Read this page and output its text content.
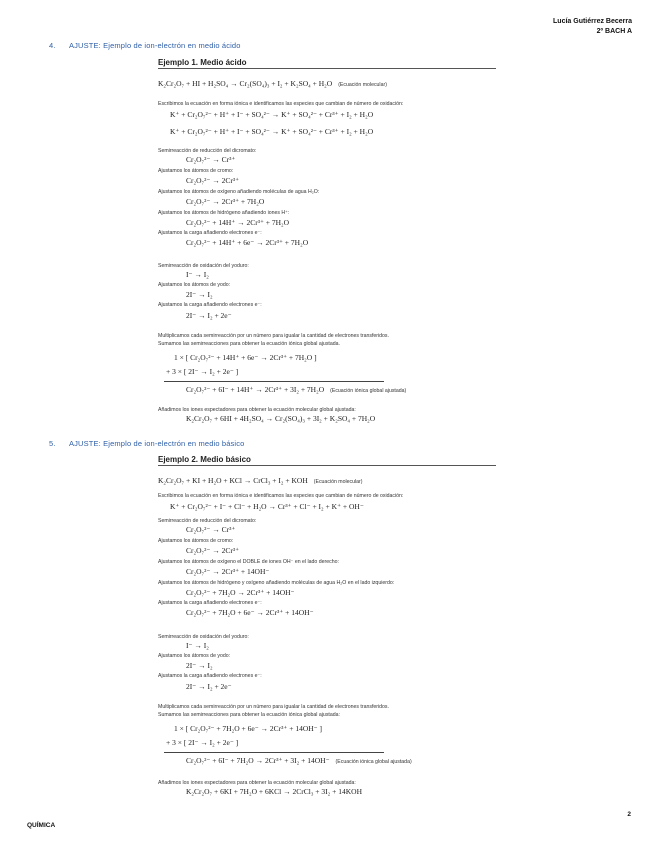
Lucía Gutiérrez Becerra
2º BACH A
4. AJUSTE: Ejemplo de ion-electrón en medio ácido
Ejemplo 1. Medio ácido
K₂Cr₂O₇ + HI + H₂SO₄ → Cr₂(SO₄)₃ + I₂ + K₂SO₄ + H₂O (Ecuación molecular)
Escribimos la ecuación en forma iónica e identificamos las especies que cambian de número de oxidación:
K⁺ + Cr₂O₇²⁻ + H⁺ + I⁻ + SO₄²⁻ → K⁺ + SO₄²⁻ + Cr³⁺ + I₂ + H₂O
K⁺ + Cr₂O₇²⁻ + H⁺ + I⁻ + SO₄²⁻ → K⁺ + SO₄²⁻ + Cr³⁺ + I₂ + H₂O
Semirreacción de reducción del dicromato:
Cr₂O₇²⁻ → Cr³⁺
Ajustamos los átomos de cromo:
Cr₂O₇²⁻ → 2Cr³⁺
Ajustamos los átomos de oxígeno añadiendo moléculas de agua H₂O:
Cr₂O₇²⁻ → 2Cr³⁺ + 7H₂O
Ajustamos los átomos de hidrógeno añadiendo iones H⁺:
Cr₂O₇²⁻ + 14H⁺ → 2Cr³⁺ + 7H₂O
Ajustamos la carga añadiendo electrones e⁻:
Cr₂O₇²⁻ + 14H⁺ + 6e⁻ → 2Cr³⁺ + 7H₂O
Semirreacción de oxidación del yoduro:
I⁻ → I₂
Ajustamos los átomos de yodo:
2I⁻ → I₂
Ajustamos la carga añadiendo electrones e⁻:
2I⁻ → I₂ + 2e⁻
Multiplicamos cada semirreacción por un número para igualar la cantidad de electrones transferidos.
Sumamos las semirreacciones para obtener la ecuación iónica global ajustada.
1 × [ Cr₂O₇²⁻ + 14H⁺ + 6e⁻ → 2Cr³⁺ + 7H₂O ]
+ 3 × [ 2I⁻ → I₂ + 2e⁻ ]
Cr₂O₇²⁻ + 6I⁻ + 14H⁺ → 2Cr³⁺ + 3I₂ + 7H₂O (Ecuación iónica global ajustada)
Añadimos los iones espectadores para obtener la ecuación molecular global ajustada:
K₂Cr₂O₇ + 6HI + 4H₂SO₄ → Cr₂(SO₄)₃ + 3I₂ + K₂SO₄ + 7H₂O
5. AJUSTE: Ejemplo de ion-electrón en medio básico
Ejemplo 2. Medio básico
K₂Cr₂O₇ + KI + H₂O + KCl → CrCl₃ + I₂ + KOH (Ecuación molecular)
Escribimos la ecuación en forma iónica e identificamos las especies que cambian de número de oxidación:
K⁺ + Cr₂O₇²⁻ + I⁻ + Cl⁻ + H₂O → Cr³⁺ + Cl⁻ + I₂ + K⁺ + OH⁻
Semirreacción de reducción del dicromato:
Cr₂O₇²⁻ → Cr³⁺
Ajustamos los átomos de cromo:
Cr₂O₇²⁻ → 2Cr³⁺
Ajustamos los átomos de oxígeno el DOBLE de iones OH⁻ en el lado derecho:
Cr₂O₇²⁻ → 2Cr³⁺ + 14OH⁻
Ajustamos los átomos de hidrógeno y oxígeno añadiendo moléculas de agua H₂O en el lado izquierdo:
Cr₂O₇²⁻ + 7H₂O → 2Cr³⁺ + 14OH⁻
Ajustamos la carga añadiendo electrones e⁻:
Cr₂O₇²⁻ + 7H₂O + 6e⁻ → 2Cr³⁺ + 14OH⁻
Semirreacción de oxidación del yoduro:
I⁻ → I₂
Ajustamos los átomos de yodo:
2I⁻ → I₂
Ajustamos la carga añadiendo electrones e⁻:
2I⁻ → I₂ + 2e⁻
Multiplicamos cada semirreacción por un número para igualar la cantidad de electrones transferidos.
Sumamos las semirreacciones para obtener la ecuación iónica global ajustada:
1 × [ Cr₂O₇²⁻ + 7H₂O + 6e⁻ → 2Cr³⁺ + 14OH⁻ ]
+ 3 × [ 2I⁻ → I₂ + 2e⁻ ]
Cr₂O₇²⁻ + 6I⁻ + 7H₂O → 2Cr³⁺ + 3I₂ + 14OH⁻ (Ecuación iónica global ajustada)
Añadimos los iones espectadores para obtener la ecuación molecular global ajustada:
K₂Cr₂O₇ + 6KI + 7H₂O + 6KCl → 2CrCl₃ + 3I₂ + 14KOH
2
QUÍMICA
